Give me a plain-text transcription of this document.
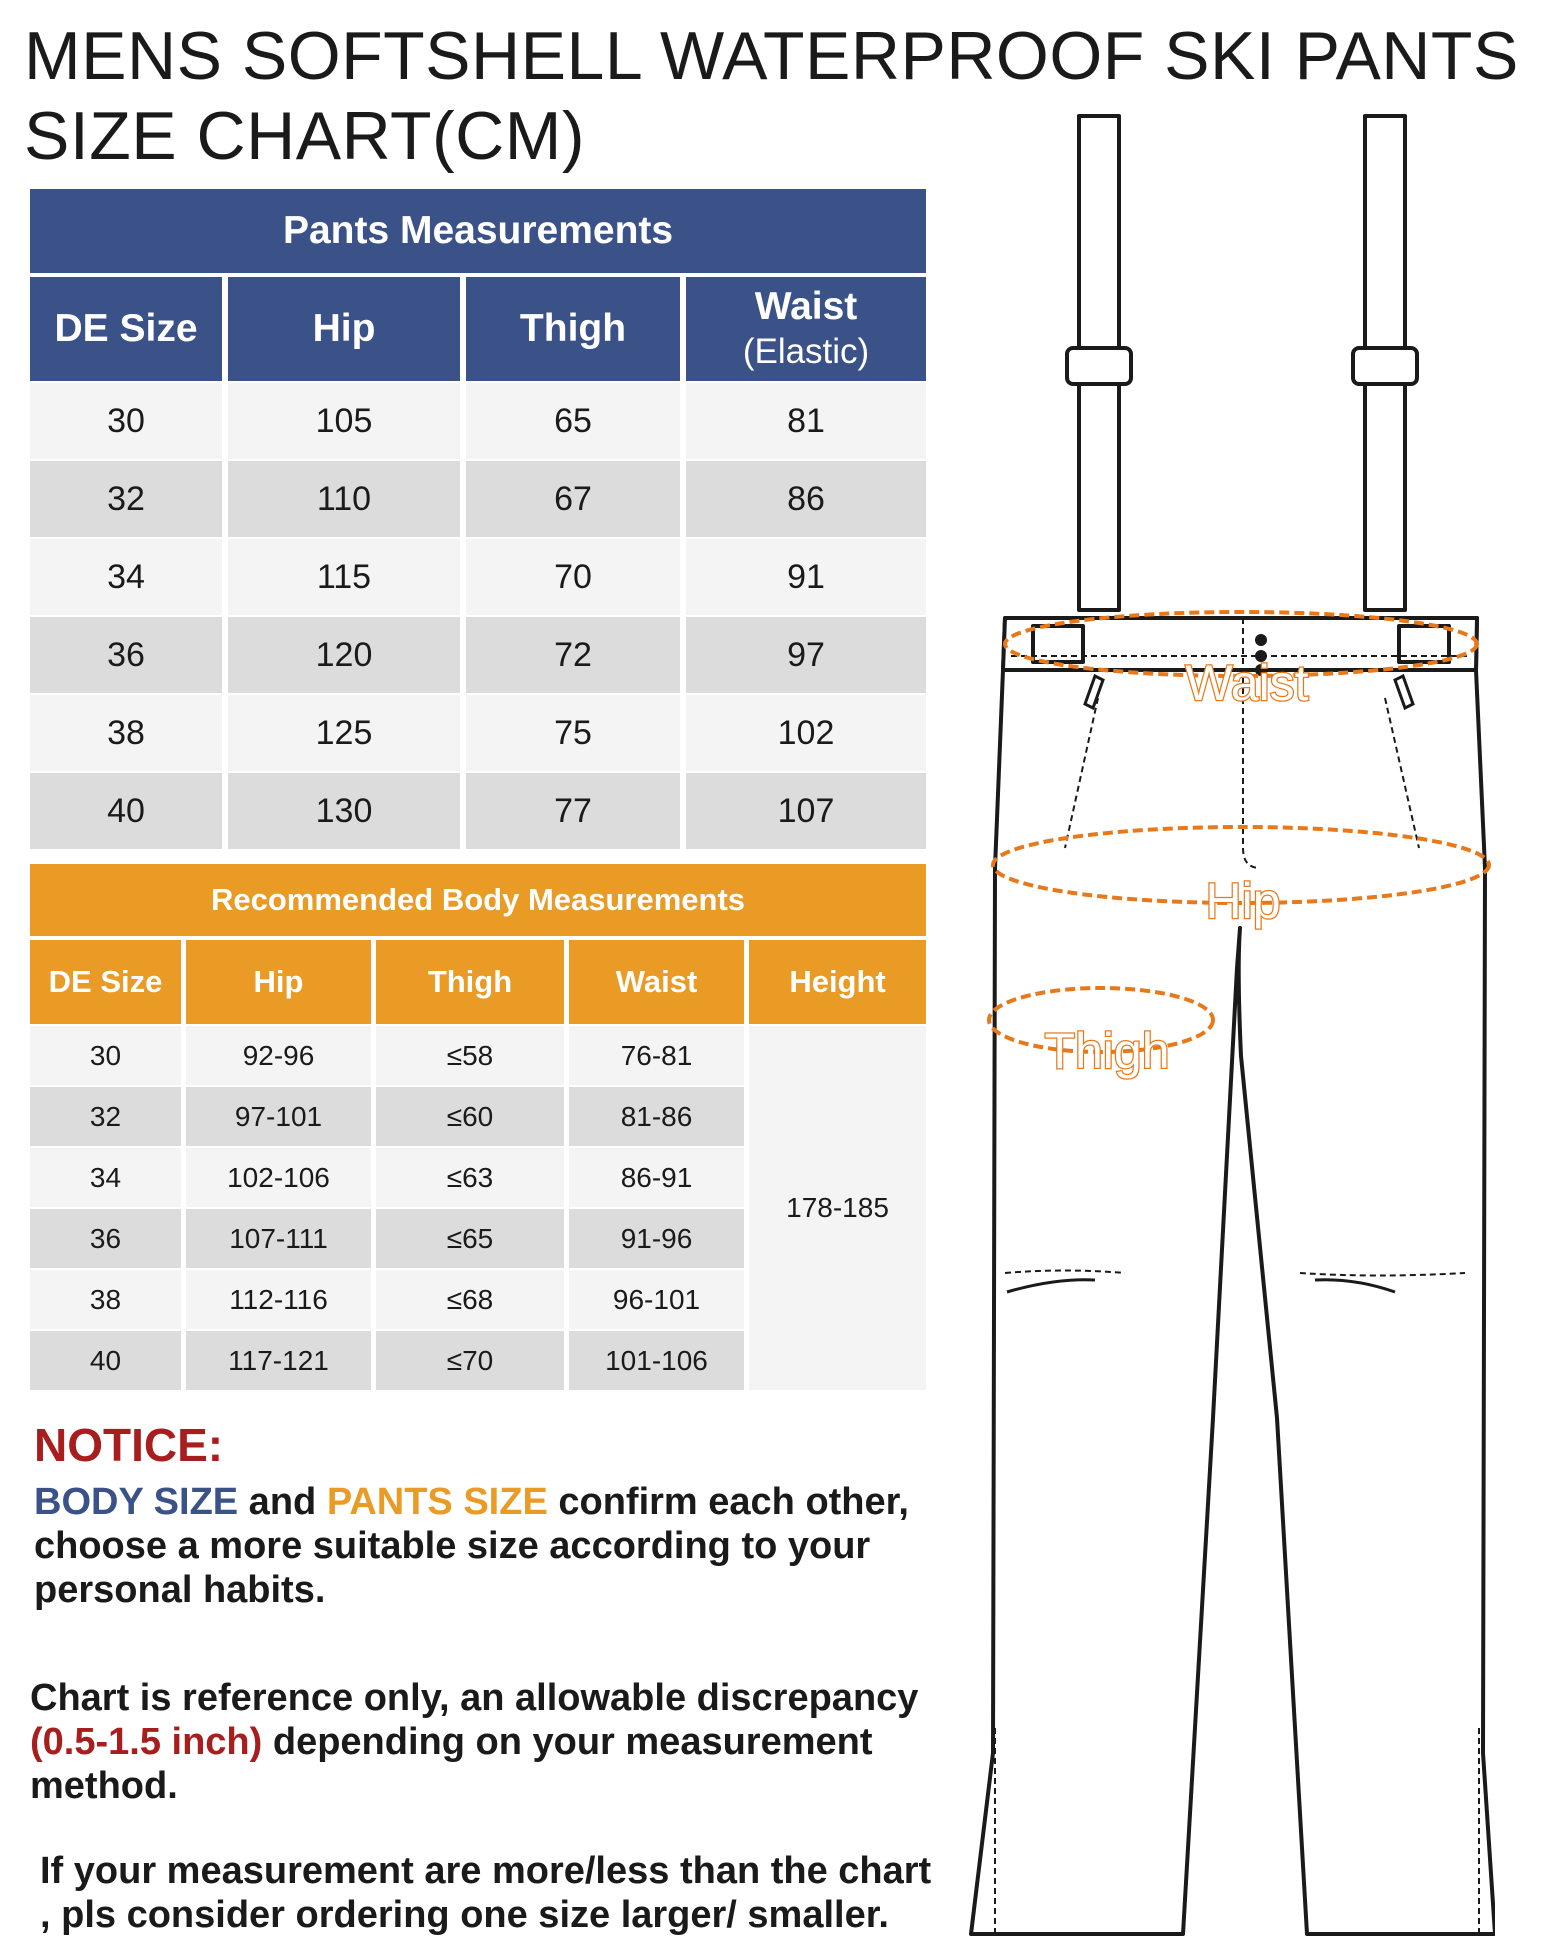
MENS SOFTSHELL WATERPROOF SKI PANTS
SIZE CHART(CM)
Pants Measurements			
DE Size	Hip	Thigh	Waist
(Elastic)
30	105	65	81
32	110	67	86
34	115	70	91
36	120	72	97
38	125	75	102
40	130	77	107
Recommended Body Measurements				
DE Size	Hip	Thigh	Waist	Height
30	92-96	≤58	76-81	178-185
32	97-101	≤60	81-86	
34	102-106	≤63	86-91	
36	107-111	≤65	91-96	
38	112-116	≤68	96-101	
40	117-121	≤70	101-106	
NOTICE:

BODY SIZE and PANTS SIZE confirm each other, choose a more suitable size according to your personal habits.

Chart is reference only, an allowable discrepancy (0.5-1.5 inch) depending on your measurement method.

If your measurement are more/less than the chart , pls consider ordering one size larger/ smaller.

Waist
Hip
Thigh
